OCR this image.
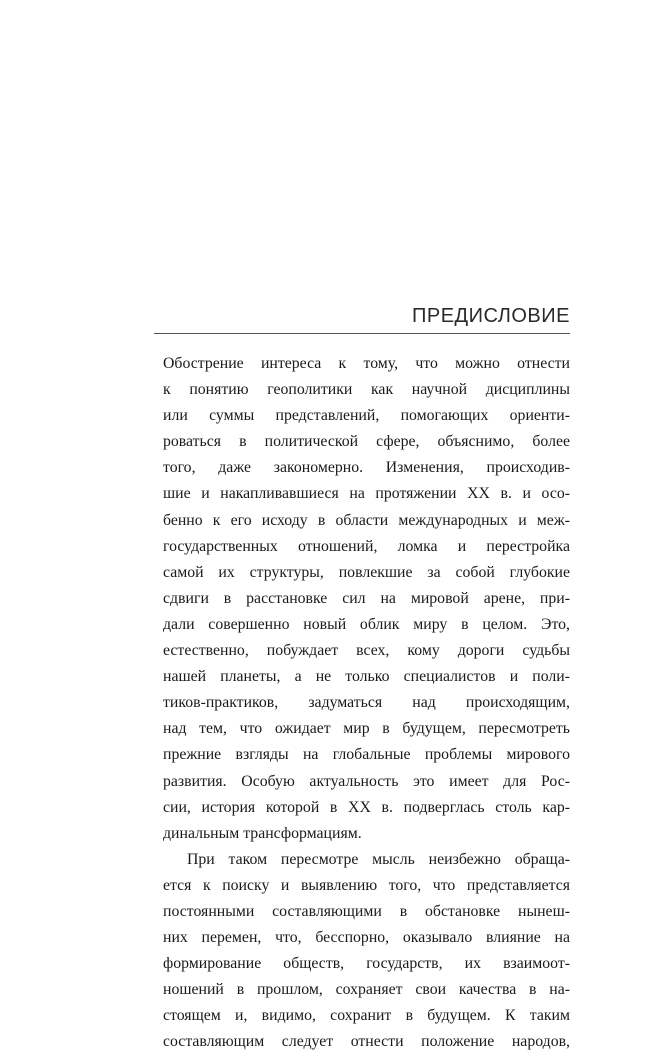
ПРЕДИСЛОВИЕ
Обострение интереса к тому, что можно отнести
к понятию геополитики как научной дисциплины
или суммы представлений, помогающих ориенти-
роваться в политической сфере, объяснимо, более
того, даже закономерно. Изменения, происходив-
шие и накапливавшиеся на протяжении XX в. и осо-
бенно к его исходу в области международных и меж-
государственных отношений, ломка и перестройка
самой их структуры, повлекшие за собой глубокие
сдвиги в расстановке сил на мировой арене, при-
дали совершенно новый облик миру в целом. Это,
естественно, побуждает всех, кому дороги судьбы
нашей планеты, а не только специалистов и поли-
тиков-практиков, задуматься над происходящим,
над тем, что ожидает мир в будущем, пересмотреть
прежние взгляды на глобальные проблемы мирового
развития. Особую актуальность это имеет для Рос-
сии, история которой в XX в. подверглась столь кар-
динальным трансформациям.
При таком пересмотре мысль неизбежно обраща-
ется к поиску и выявлению того, что представляется
постоянными составляющими в обстановке нынеш-
них перемен, что, бесспорно, оказывало влияние на
формирование обществ, государств, их взаимоот-
ношений в прошлом, сохраняет свои качества в на-
стоящем и, видимо, сохранит в будущем. К таким
составляющим следует отнести положение народов,
